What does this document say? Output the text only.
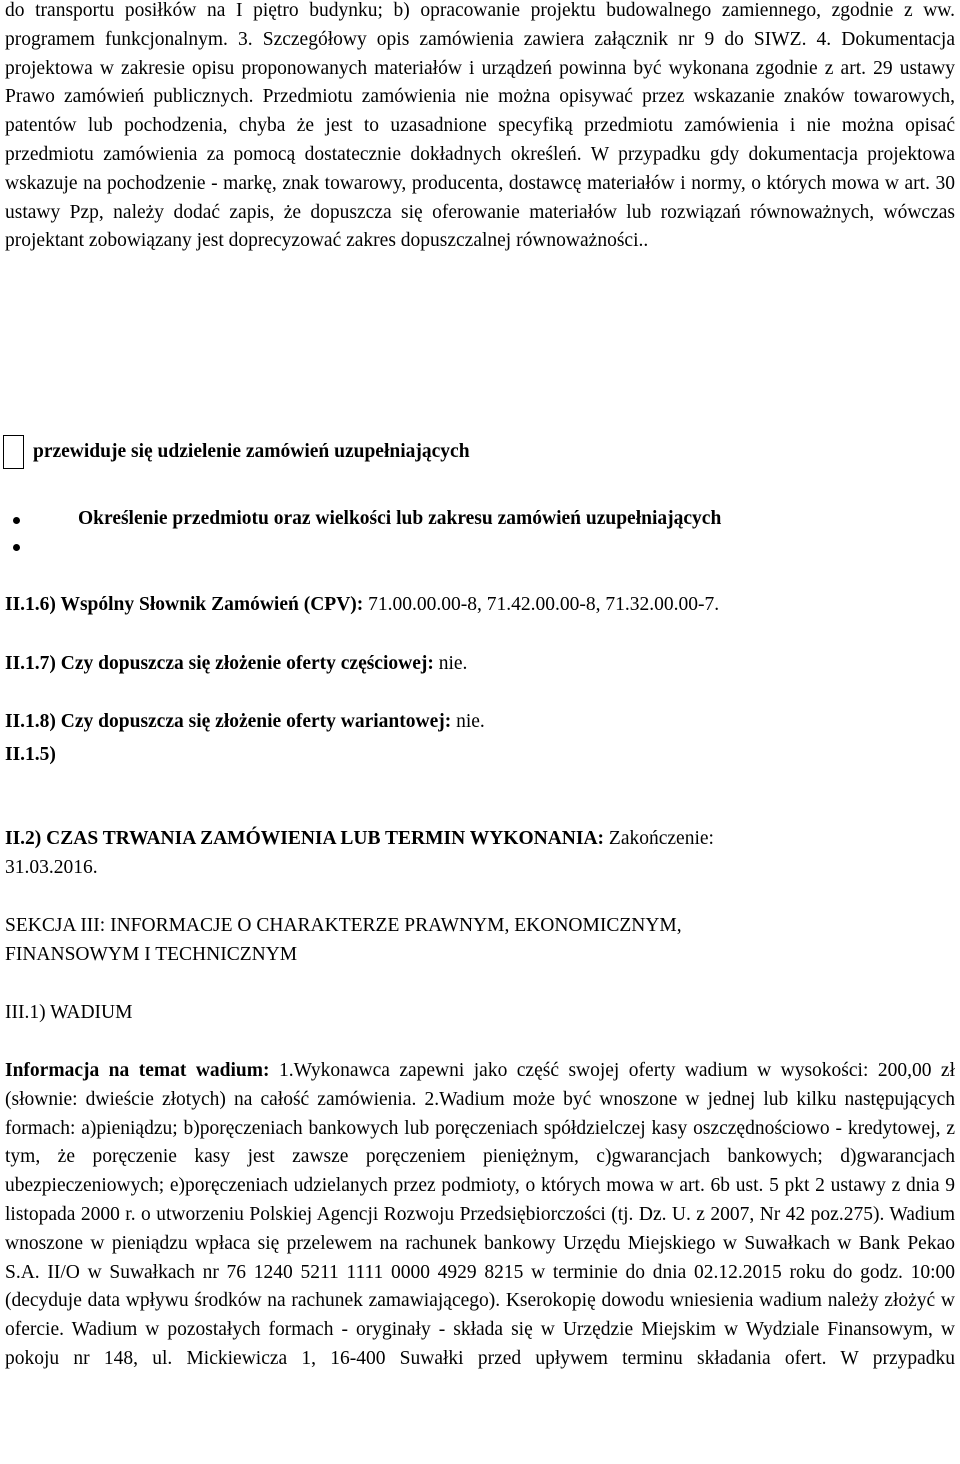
do transportu posiłków na I piętro budynku; b) opracowanie projektu budowalnego zamiennego, zgodnie z ww. programem funkcjonalnym. 3. Szczegółowy opis zamówienia zawiera załącznik nr 9 do SIWZ. 4. Dokumentacja projektowa w zakresie opisu proponowanych materiałów i urządzeń powinna być wykonana zgodnie z art. 29 ustawy Prawo zamówień publicznych. Przedmiotu zamówienia nie można opisywać przez wskazanie znaków towarowych, patentów lub pochodzenia, chyba że jest to uzasadnione specyfiką przedmiotu zamówienia i nie można opisać przedmiotu zamówienia za pomocą dostatecznie dokładnych określeń. W przypadku gdy dokumentacja projektowa wskazuje na pochodzenie - markę, znak towarowy, producenta, dostawcę materiałów i normy, o których mowa w art. 30 ustawy Pzp, należy dodać zapis, że dopuszcza się oferowanie materiałów lub rozwiązań równoważnych, wówczas projektant zobowiązany jest doprecyzować zakres dopuszczalnej równoważności..

II.1.5)

przewiduje się udzielenie zamówień uzupełniających

Określenie przedmiotu oraz wielkości lub zakresu zamówień uzupełniających

II.1.6) Wspólny Słownik Zamówień (CPV): 71.00.00.00-8, 71.42.00.00-8, 71.32.00.00-7.

II.1.7) Czy dopuszcza się złożenie oferty częściowej: nie.

II.1.8) Czy dopuszcza się złożenie oferty wariantowej: nie.

II.2) CZAS TRWANIA ZAMÓWIENIA LUB TERMIN WYKONANIA: Zakończenie:

31.03.2016.

SEKCJA III: INFORMACJE O CHARAKTERZE PRAWNYM, EKONOMICZNYM,

FINANSOWYM I TECHNICZNYM

III.1) WADIUM

Informacja na temat wadium: 1.Wykonawca zapewni jako część swojej oferty wadium w wysokości: 200,00 zł (słownie: dwieście złotych) na całość zamówienia. 2.Wadium może być wnoszone w jednej lub kilku następujących formach: a)pieniądzu; b)poręczeniach bankowych lub poręczeniach spółdzielczej kasy oszczędnościowo - kredytowej, z tym, że poręczenie kasy jest zawsze poręczeniem pieniężnym, c)gwarancjach bankowych; d)gwarancjach ubezpieczeniowych; e)poręczeniach udzielanych przez podmioty, o których mowa w art. 6b ust. 5 pkt 2 ustawy z dnia 9 listopada 2000 r. o utworzeniu Polskiej Agencji Rozwoju Przedsiębiorczości (tj. Dz. U. z 2007, Nr 42 poz.275). Wadium wnoszone w pieniądzu wpłaca się przelewem na rachunek bankowy Urzędu Miejskiego w Suwałkach w Bank Pekao S.A. II/O w Suwałkach nr 76 1240 5211 1111 0000 4929 8215 w terminie do dnia 02.12.2015 roku do godz. 10:00 (decyduje data wpływu środków na rachunek zamawiającego). Kserokopię dowodu wniesienia wadium należy złożyć w ofercie. Wadium w pozostałych formach - oryginały - składa się w Urzędzie Miejskim w Wydziale Finansowym, w pokoju nr 148, ul. Mickiewicza 1, 16-400 Suwałki przed upływem terminu składania ofert. W przypadku
